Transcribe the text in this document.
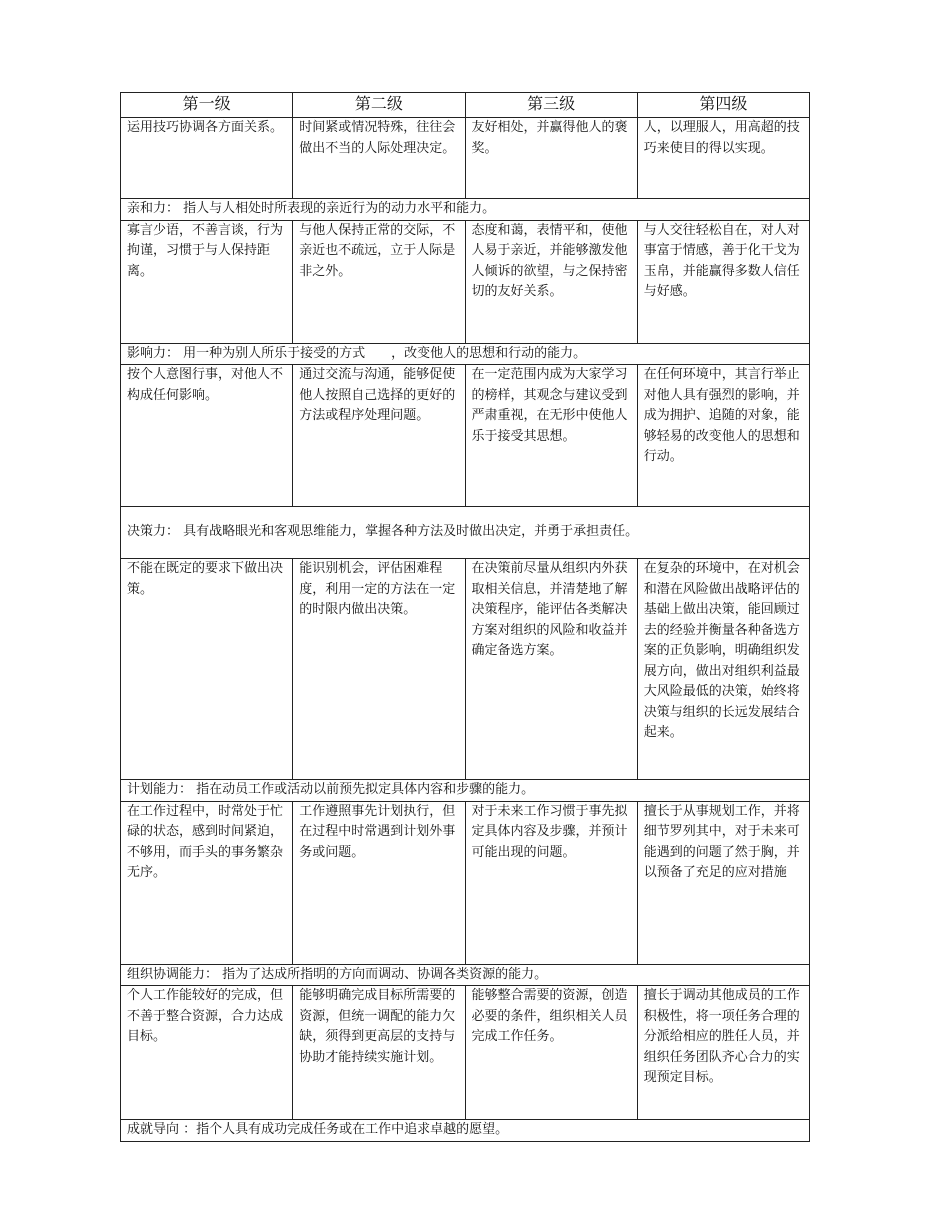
第一级	第二级	第三级	第四级
运用技巧协调各方面关系。	时间紧或情况特殊，往往会做出不当的人际处理决定。	友好相处，并赢得他人的褒奖。	人，以理服人，用高超的技巧来使目的得以实现。
亲和力： 指人与人相处时所表现的亲近行为的动力水平和能力。			
寡言少语，不善言谈，行为拘谨，习惯于与人保持距离。	与他人保持正常的交际，不亲近也不疏远，立于人际是非之外。	态度和蔼，表情平和，使他人易于亲近，并能够激发他人倾诉的欲望，与之保持密切的友好关系。	与人交往轻松自在，对人对事富于情感，善于化干戈为玉帛，并能赢得多数人信任与好感。
影响力： 用一种为别人所乐于接受的方式　　，改变他人的思想和行动的能力。			
按个人意图行事，对他人不构成任何影响。	通过交流与沟通，能够促使他人按照自己选择的更好的方法或程序处理问题。	在一定范围内成为大家学习的榜样，其观念与建议受到严肃重视，在无形中使他人乐于接受其思想。	在任何环境中，其言行举止对他人具有强烈的影响，并成为拥护、追随的对象，能够轻易的改变他人的思想和行动。
决策力： 具有战略眼光和客观思维能力，掌握各种方法及时做出决定，并勇于承担责任。			
不能在既定的要求下做出决策。	能识别机会，评估困难程度，利用一定的方法在一定的时限内做出决策。	在决策前尽量从组织内外获取相关信息，并清楚地了解决策程序，能评估各类解决方案对组织的风险和收益并确定备选方案。	在复杂的环境中，在对机会和潜在风险做出战略评估的基础上做出决策，能回顾过去的经验并衡量各种备选方案的正负影响，明确组织发展方向，做出对组织利益最大风险最低的决策，始终将决策与组织的长远发展结合起来。
计划能力： 指在动员工作或活动以前预先拟定具体内容和步骤的能力。			
在工作过程中，时常处于忙碌的状态，感到时间紧迫，不够用，而手头的事务繁杂无序。	工作遵照事先计划执行，但在过程中时常遇到计划外事务或问题。	对于未来工作习惯于事先拟定具体内容及步骤，并预计可能出现的问题。	擅长于从事规划工作，并将细节罗列其中，对于未来可能遇到的问题了然于胸，并以预备了充足的应对措施
组织协调能力： 指为了达成所指明的方向而调动、协调各类资源的能力。			
个人工作能较好的完成，但不善于整合资源，合力达成目标。	能够明确完成目标所需要的资源，但统一调配的能力欠缺，须得到更高层的支持与协助才能持续实施计划。	能够整合需要的资源，创造必要的条件，组织相关人员完成工作任务。	擅长于调动其他成员的工作积极性，将一项任务合理的分派给相应的胜任人员，并组织任务团队齐心合力的实现预定目标。
成就导向 ：指个人具有成功完成任务或在工作中追求卓越的愿望。			
